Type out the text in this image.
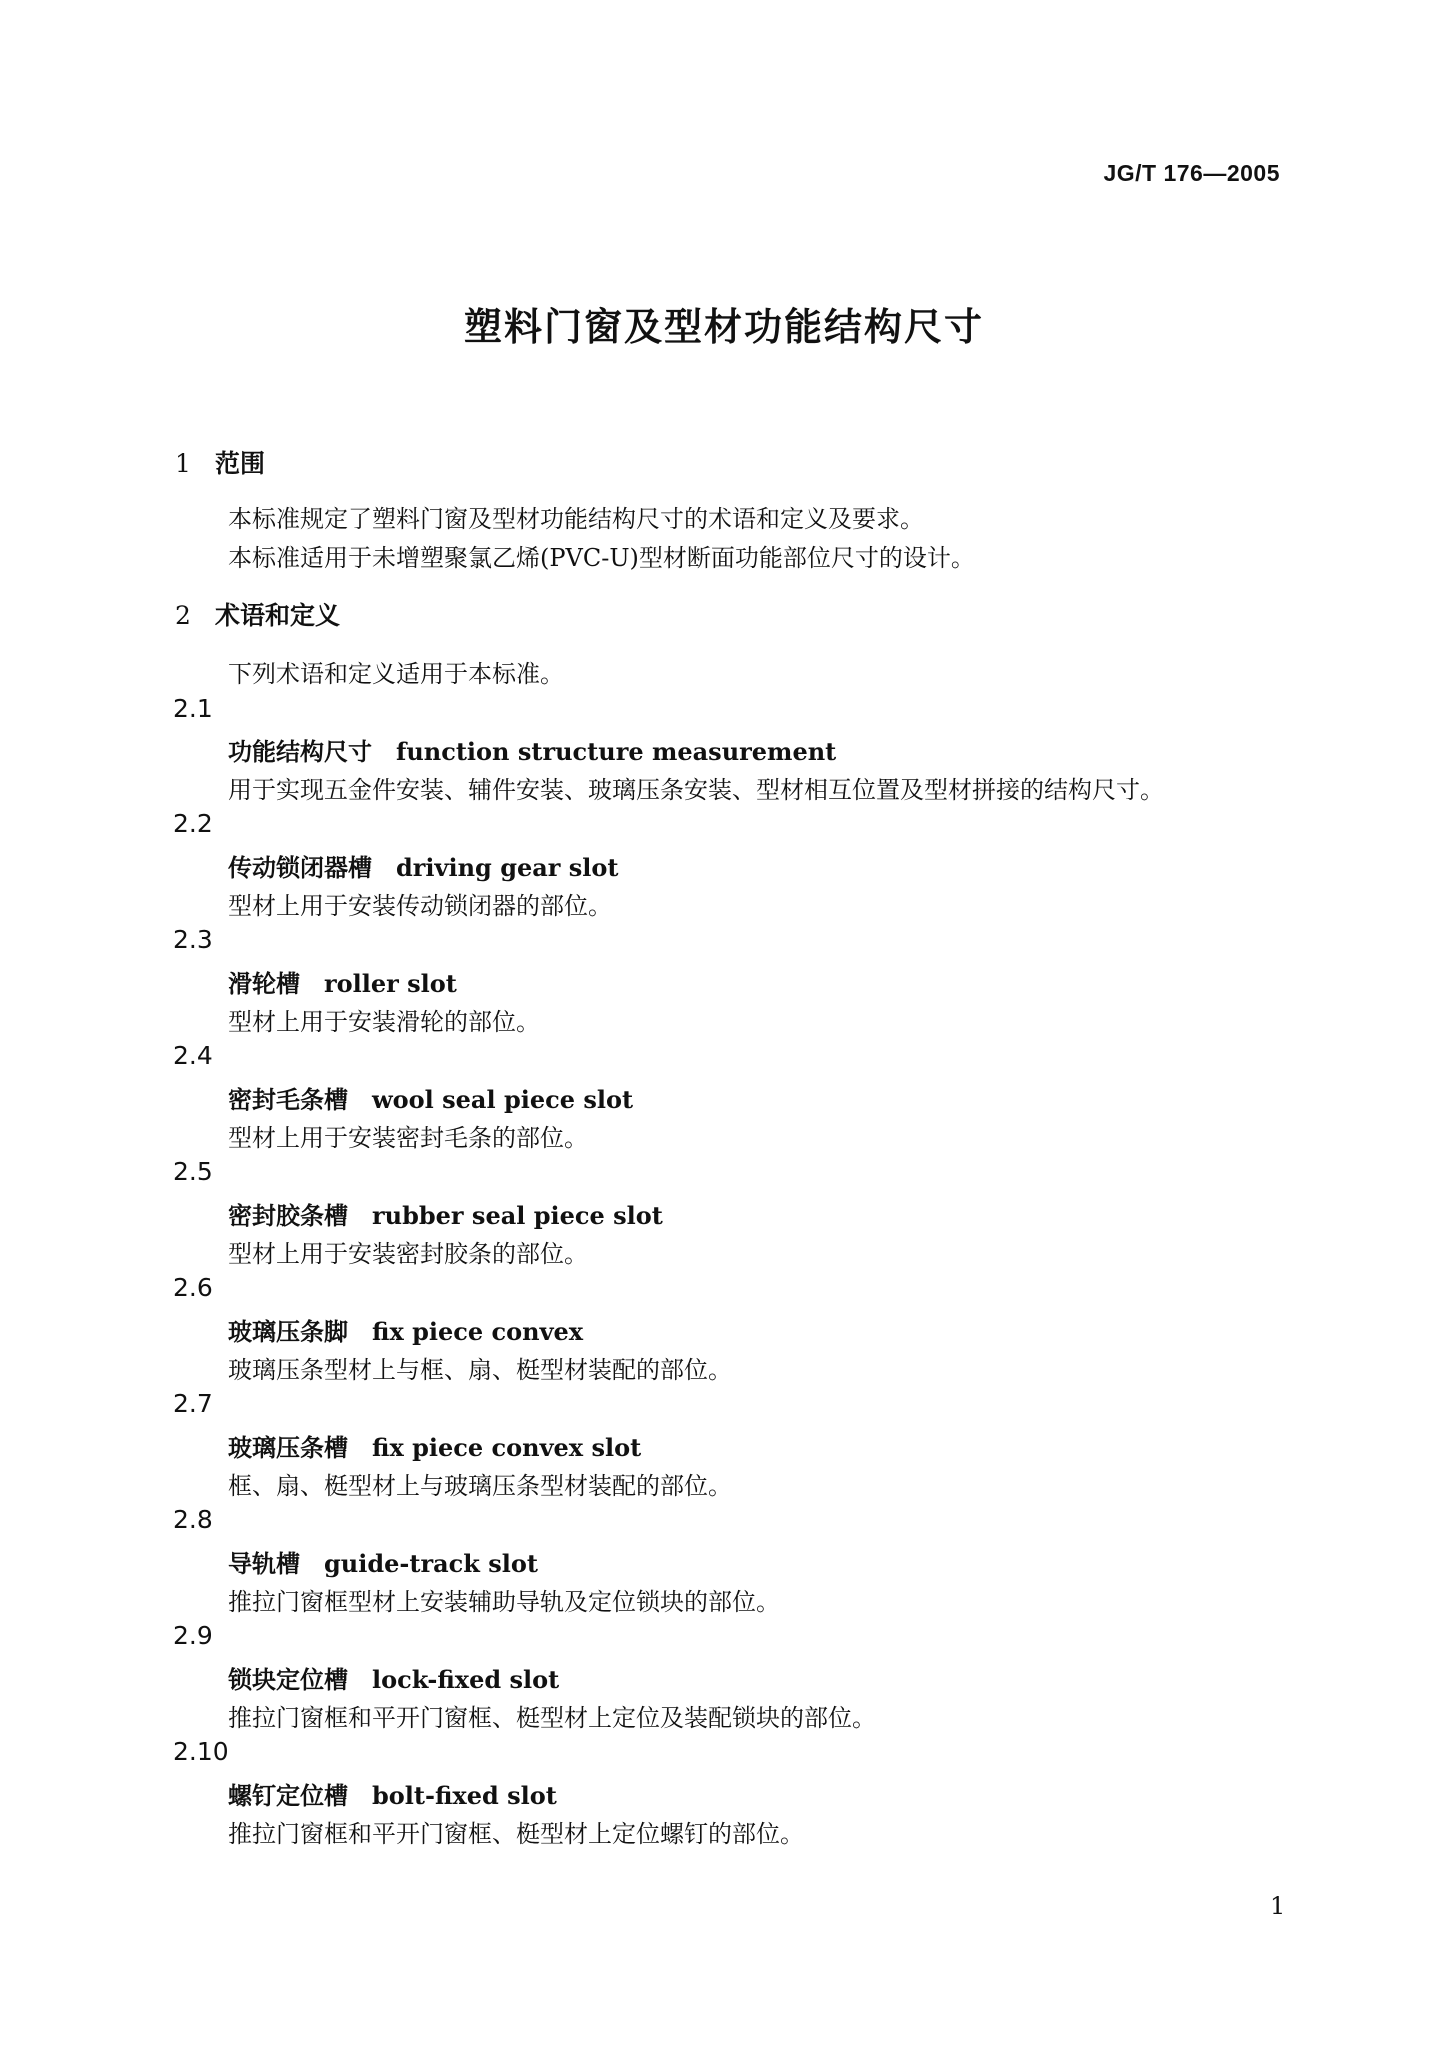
JG/T 176—2005
塑料门窗及型材功能结构尺寸
1 范围
本标准规定了塑料门窗及型材功能结构尺寸的术语和定义及要求。
本标准适用于未增塑聚氯乙烯(PVC-U)型材断面功能部位尺寸的设计。
2 术语和定义
下列术语和定义适用于本标准。
2.1
功能结构尺寸 function structure measurement
用于实现五金件安装、辅件安装、玻璃压条安装、型材相互位置及型材拼接的结构尺寸。
2.2
传动锁闭器槽 driving gear slot
型材上用于安装传动锁闭器的部位。
2.3
滑轮槽 roller slot
型材上用于安装滑轮的部位。
2.4
密封毛条槽 wool seal piece slot
型材上用于安装密封毛条的部位。
2.5
密封胶条槽 rubber seal piece slot
型材上用于安装密封胶条的部位。
2.6
玻璃压条脚 fix piece convex
玻璃压条型材上与框、扇、梃型材装配的部位。
2.7
玻璃压条槽 fix piece convex slot
框、扇、梃型材上与玻璃压条型材装配的部位。
2.8
导轨槽 guide-track slot
推拉门窗框型材上安装辅助导轨及定位锁块的部位。
2.9
锁块定位槽 lock-fixed slot
推拉门窗框和平开门窗框、梃型材上定位及装配锁块的部位。
2.10
螺钉定位槽 bolt-fixed slot
推拉门窗框和平开门窗框、梃型材上定位螺钉的部位。
1
